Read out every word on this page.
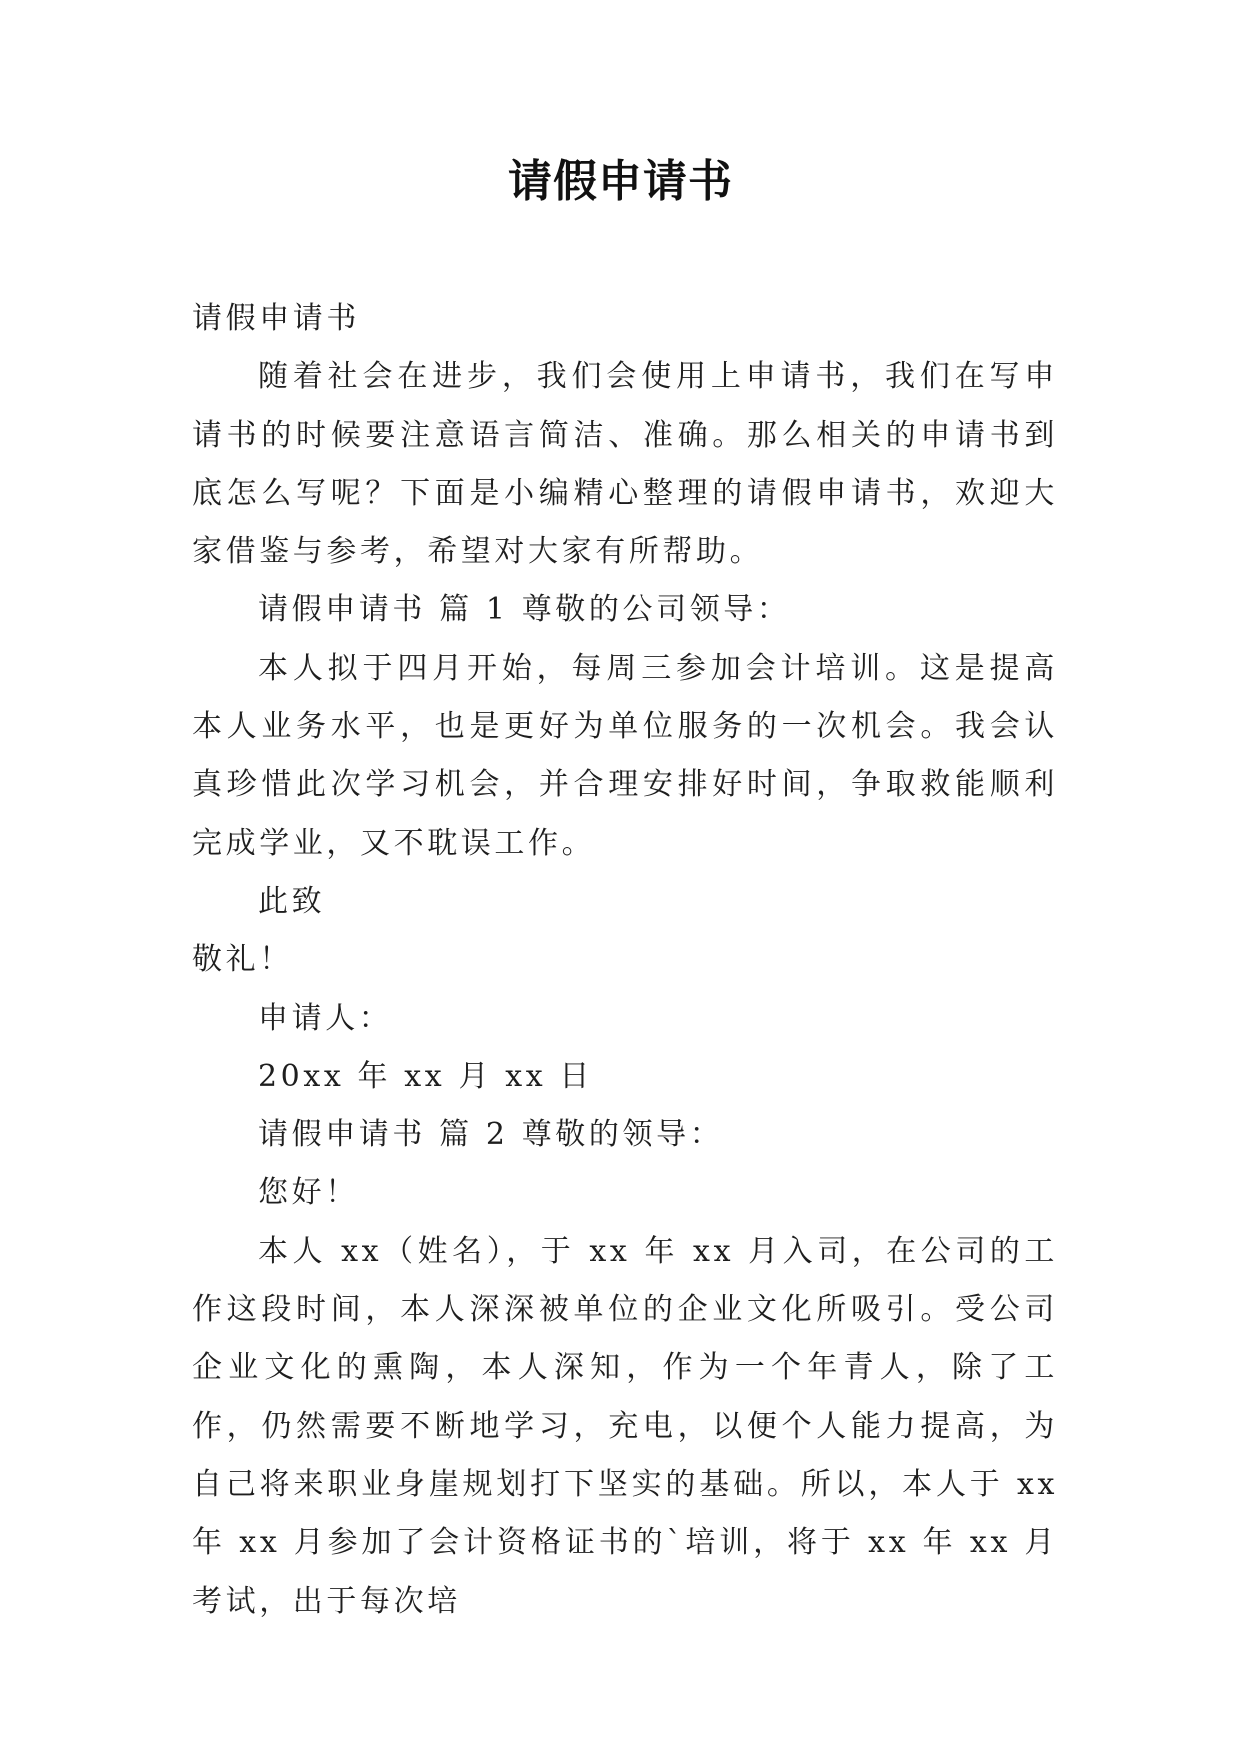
请假申请书

请假申请书

随着社会在进步，我们会使用上申请书，我们在写申请书的时候要注意语言简洁、准确。那么相关的申请书到底怎么写呢？下面是小编精心整理的请假申请书，欢迎大家借鉴与参考，希望对大家有所帮助。

请假申请书 篇 1 尊敬的公司领导：

本人拟于四月开始，每周三参加会计培训。这是提高本人业务水平，也是更好为单位服务的一次机会。我会认真珍惜此次学习机会，并合理安排好时间，争取救能顺利完成学业，又不耽误工作。

此致

敬礼！

申请人：

20xx 年 xx 月 xx 日

请假申请书 篇 2 尊敬的领导：

您好！

本人 xx（姓名），于 xx 年 xx 月入司，在公司的工作这段时间，本人深深被单位的企业文化所吸引。受公司企业文化的熏陶，本人深知，作为一个年青人，除了工作，仍然需要不断地学习，充电，以便个人能力提高，为自己将来职业身崖规划打下坚实的基础。所以，本人于 xx 年 xx 月参加了会计资格证书的`培训，将于 xx 年 xx 月考试，出于每次培
